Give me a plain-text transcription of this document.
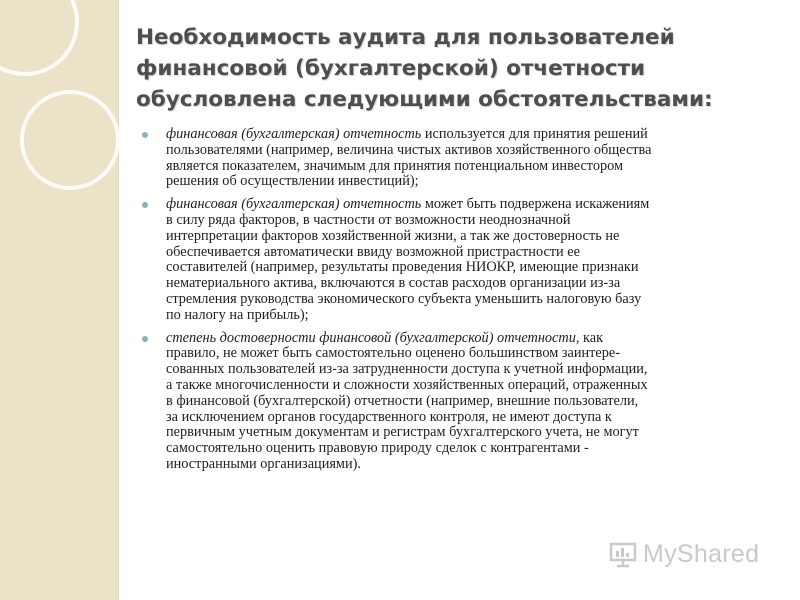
Необходимость аудита для пользователей
финансовой (бухгалтерской) отчетности
обусловлена следующими обстоятельствами:
финансовая (бухгалтерская) отчетность используется для принятия решений
пользователями (например, величина чистых активов хозяйственного общества
является показателем, значимым для принятия потенциальном инвестором
решения об осуществлении инвестиций);
финансовая (бухгалтерская) отчетность может быть подвержена искажениям
в силу ряда факторов, в частности от возможности неоднозначной
интерпретации факторов хозяйственной жизни, а так же достоверность не
обеспечивается автоматически ввиду возможной пристрастности ее
составителей (например, результаты проведения НИОКР, имеющие признаки
нематериального актива, включаются в состав расходов организации из-за
стремления руководства экономического субъекта уменьшить налоговую базу
по налогу на прибыль);
степень достоверности финансовой (бухгалтерской) отчетности, как
правило, не может быть самостоятельно оценено большинством заинтере-
сованных пользователей из-за затрудненности доступа к учетной информации,
а также многочисленности и сложности хозяйственных операций, отраженных
в финансовой (бухгалтерской) отчетности (например, внешние пользователи,
за исключением органов государственного контроля, не имеют доступа к
первичным учетным документам и регистрам бухгалтерского учета, не могут
самостоятельно оценить правовую природу сделок с контрагентами -
иностранными организациями).
MyShared
